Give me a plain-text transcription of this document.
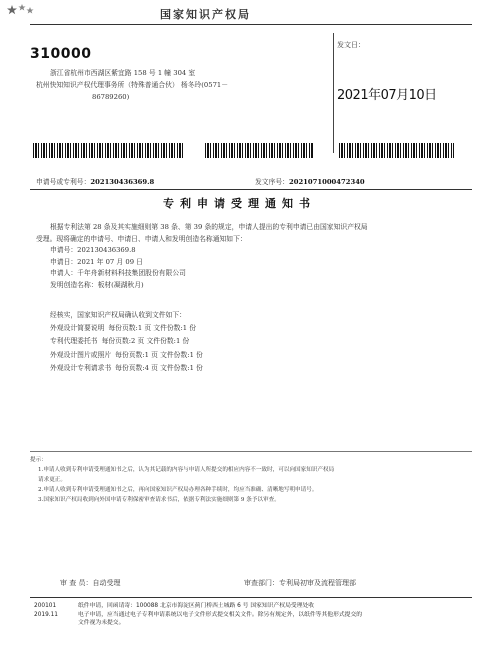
国家知识产权局
310000
浙江省杭州市西湖区紫宜路 158 号 1 幢 304 室
杭州快知知识产权代理事务所（特殊普通合伙） 杨冬玲(0571－
86789260)
发文日：
2021年07月10日
申请号或专利号：202130436369.8	发文序号：2021071000472340
专利申请受理通知书

根据专利法第 28 条及其实施细则第 38 条、第 39 条的规定，申请人提出的专利申请已由国家知识产权局

受理。现将确定的申请号、申请日、申请人和发明创造名称通知如下：
申请号：202130436369.8
申请日：2021 年 07 月 09 日
申请人：千年舟新材料科技集团股份有限公司
发明创造名称：板材(凝湖秋月)
经核实，国家知识产权局确认收到文件如下：
外观设计简要说明 每份页数:1 页 文件份数:1 份
专利代理委托书 每份页数:2 页 文件份数:1 份
外观设计图片或照片 每份页数:1 页 文件份数:1 份
外观设计专利请求书 每份页数:4 页 文件份数:1 份
提示：
1.申请人收到专利申请受理通知书之后，认为其记载的内容与申请人所提交的相应内容不一致时，可以向国家知识产权局
请求更正。
2.申请人收到专利申请受理通知书之后，再向国家知识产权局办理各种手续时，均应当准确、清晰地写明申请号。
3.国家知识产权局收到向外国申请专利保密审查请求书后，依据专利法实施细则第 9 条予以审查。
审 查 员：自动受理	审查部门：专利局初审及流程管理部
200101
2019.11
纸件申请，回函请寄：100088 北京市海淀区蓟门桥西土城路 6 号 国家知识产权局受理处收
电子申请，应当通过电子专利申请系统以电子文件形式提交相关文件。除另有规定外，以纸件等其他形式提交的
文件视为未提交。
